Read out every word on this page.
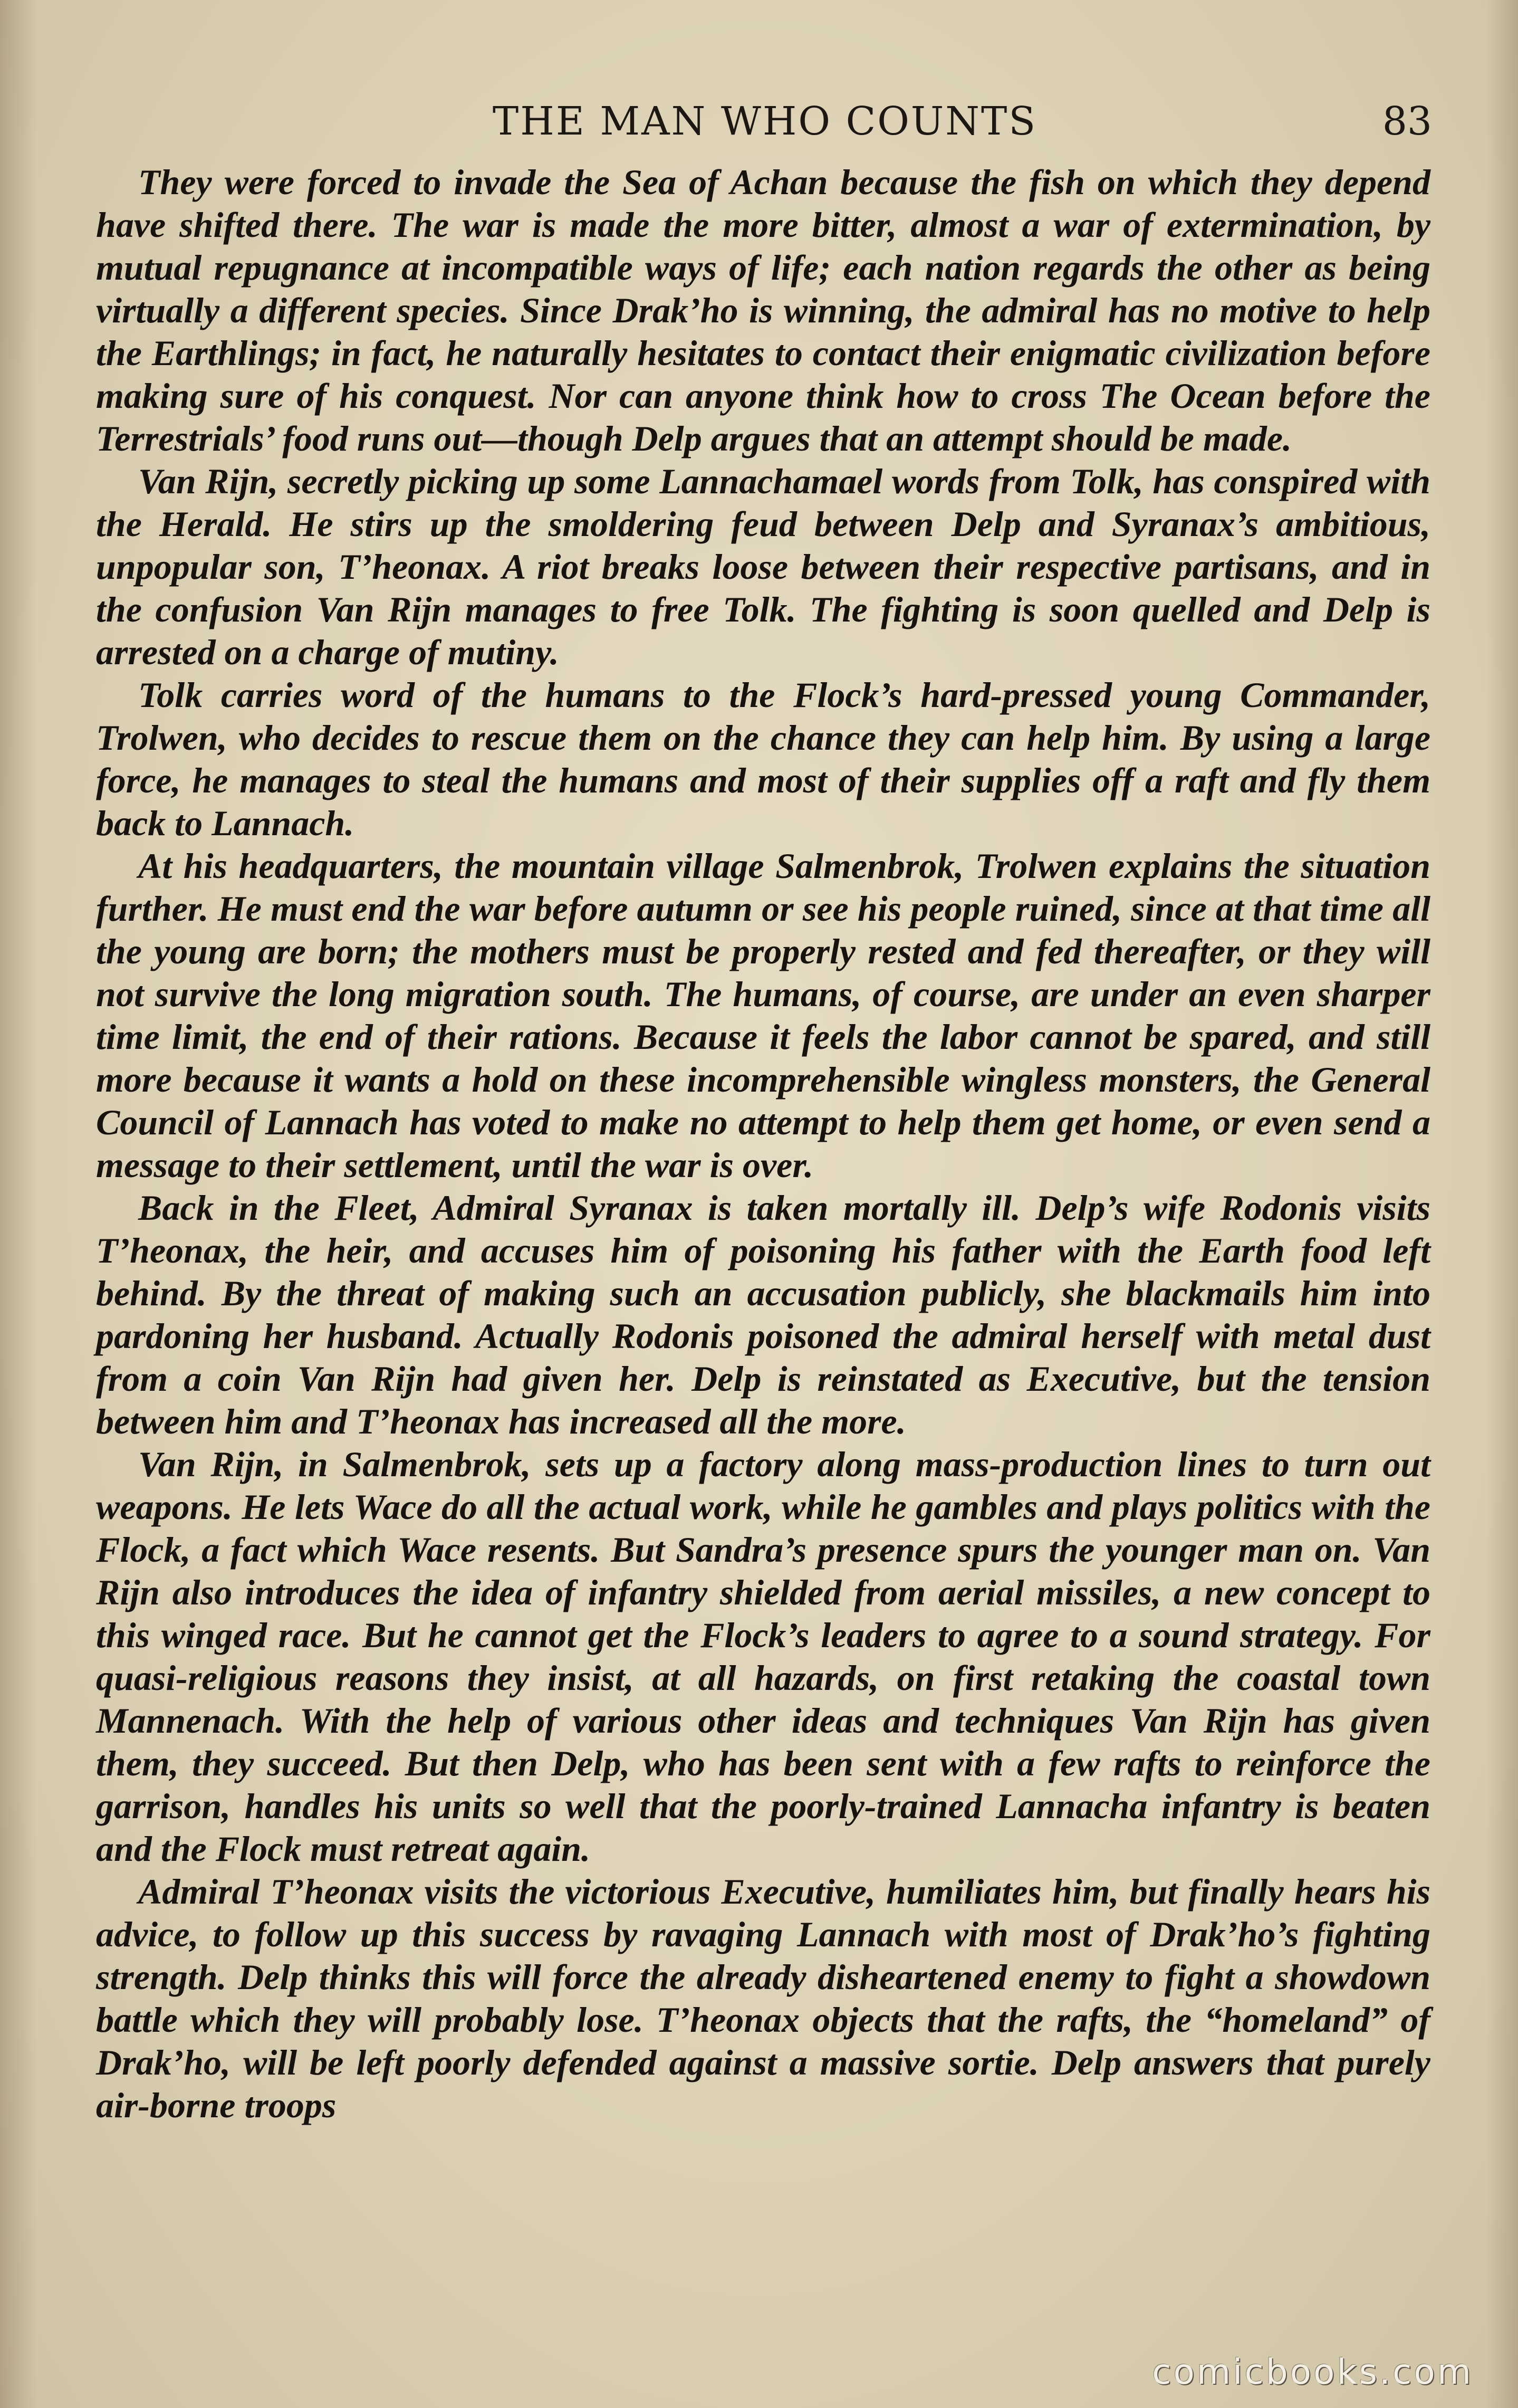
THE MAN WHO COUNTS	83

They were forced to invade the Sea of Achan because the fish on which they depend have shifted there. The war is made the more bitter, almost a war of extermination, by mutual repugnance at incompatible ways of life; each nation regards the other as being virtually a different species. Since Drak’ho is winning, the admiral has no motive to help the Earthlings; in fact, he naturally hesitates to contact their enigmatic civilization before making sure of his conquest. Nor can anyone think how to cross The Ocean before the Terrestrials’ food runs out—though Delp argues that an attempt should be made.

Van Rijn, secretly picking up some Lannachamael words from Tolk, has conspired with the Herald. He stirs up the smoldering feud between Delp and Syranax’s ambitious, unpopular son, T’heonax. A riot breaks loose between their respective partisans, and in the confusion Van Rijn manages to free Tolk. The fighting is soon quelled and Delp is arrested on a charge of mutiny.

Tolk carries word of the humans to the Flock’s hard-pressed young Commander, Trolwen, who decides to rescue them on the chance they can help him. By using a large force, he manages to steal the humans and most of their supplies off a raft and fly them back to Lannach.

At his headquarters, the mountain village Salmenbrok, Trolwen explains the situation further. He must end the war before autumn or see his people ruined, since at that time all the young are born; the mothers must be properly rested and fed thereafter, or they will not survive the long migration south. The humans, of course, are under an even sharper time limit, the end of their rations. Because it feels the labor cannot be spared, and still more because it wants a hold on these incomprehensible wingless monsters, the General Council of Lannach has voted to make no attempt to help them get home, or even send a message to their settlement, until the war is over.

Back in the Fleet, Admiral Syranax is taken mortally ill. Delp’s wife Rodonis visits T’heonax, the heir, and accuses him of poisoning his father with the Earth food left behind. By the threat of making such an accusation publicly, she blackmails him into pardoning her husband. Actually Rodonis poisoned the admiral herself with metal dust from a coin Van Rijn had given her. Delp is reinstated as Executive, but the tension between him and T’heonax has increased all the more.

Van Rijn, in Salmenbrok, sets up a factory along mass-production lines to turn out weapons. He lets Wace do all the actual work, while he gambles and plays politics with the Flock, a fact which Wace resents. But Sandra’s presence spurs the younger man on. Van Rijn also introduces the idea of infantry shielded from aerial missiles, a new concept to this winged race. But he cannot get the Flock’s leaders to agree to a sound strategy. For quasi-religious reasons they insist, at all hazards, on first retaking the coastal town Mannenach. With the help of various other ideas and techniques Van Rijn has given them, they succeed. But then Delp, who has been sent with a few rafts to reinforce the garrison, handles his units so well that the poorly-trained Lannacha infantry is beaten and the Flock must retreat again.

Admiral T’heonax visits the victorious Executive, humiliates him, but finally hears his advice, to follow up this success by ravaging Lannach with most of Drak’ho’s fighting strength. Delp thinks this will force the already disheartened enemy to fight a showdown battle which they will probably lose. T’heonax objects that the rafts, the “homeland” of Drak’ho, will be left poorly defended against a massive sortie. Delp answers that purely air-borne troops

comicbooks.com
